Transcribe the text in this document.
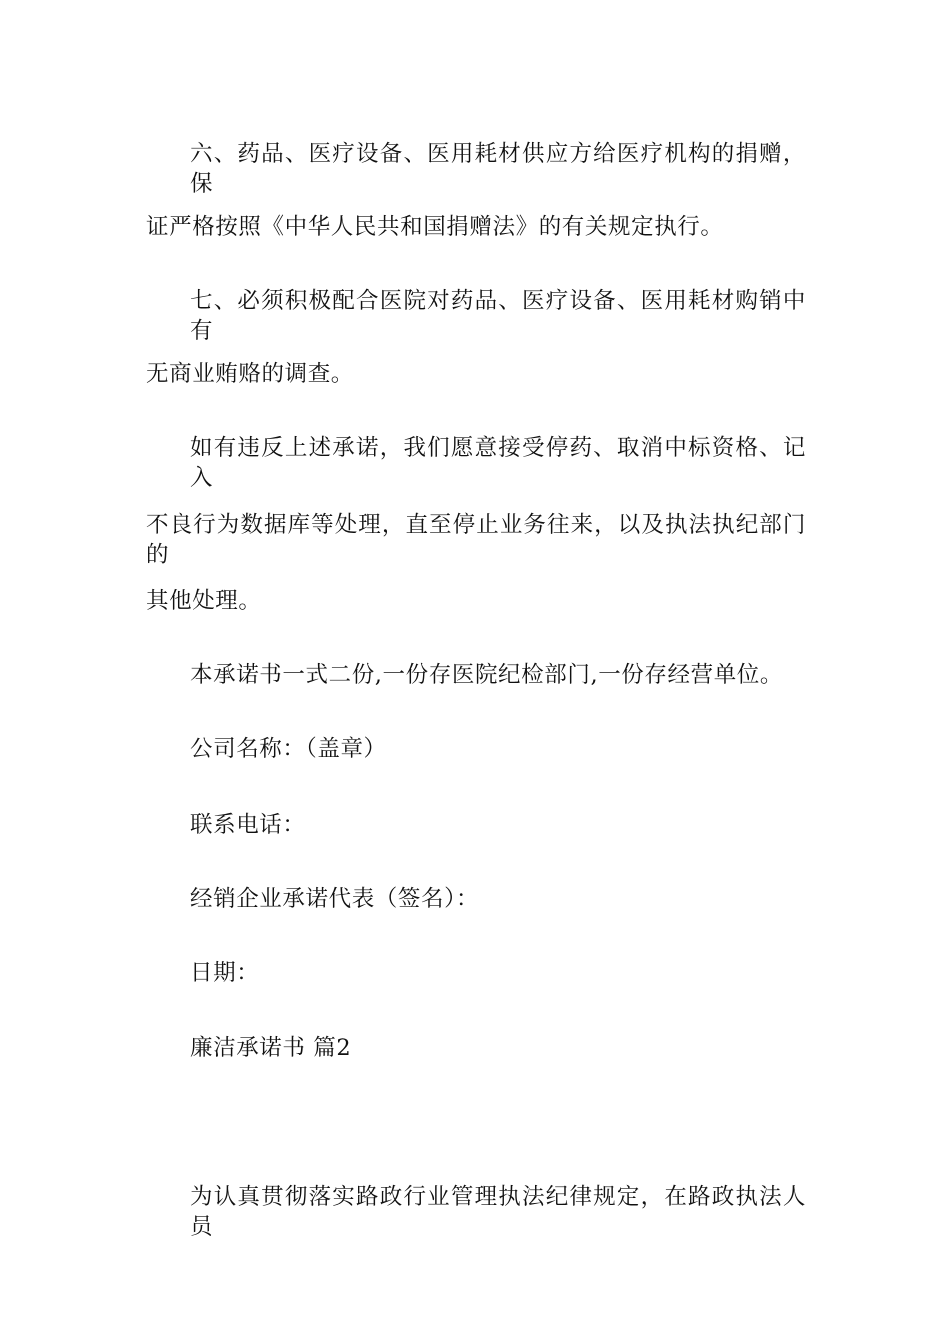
六、药品、医疗设备、医用耗材供应方给医疗机构的捐赠，保
证严格按照《中华人民共和国捐赠法》的有关规定执行。
七、必须积极配合医院对药品、医疗设备、医用耗材购销中有
无商业贿赂的调查。
如有违反上述承诺，我们愿意接受停药、取消中标资格、记入
不良行为数据库等处理，直至停止业务往来，以及执法执纪部门的
其他处理。
本承诺书一式二份,一份存医院纪检部门,一份存经营单位。
公司名称：（盖章）
联系电话：
经销企业承诺代表（签名）：
日期：
廉洁承诺书 篇2
为认真贯彻落实路政行业管理执法纪律规定，在路政执法人员
